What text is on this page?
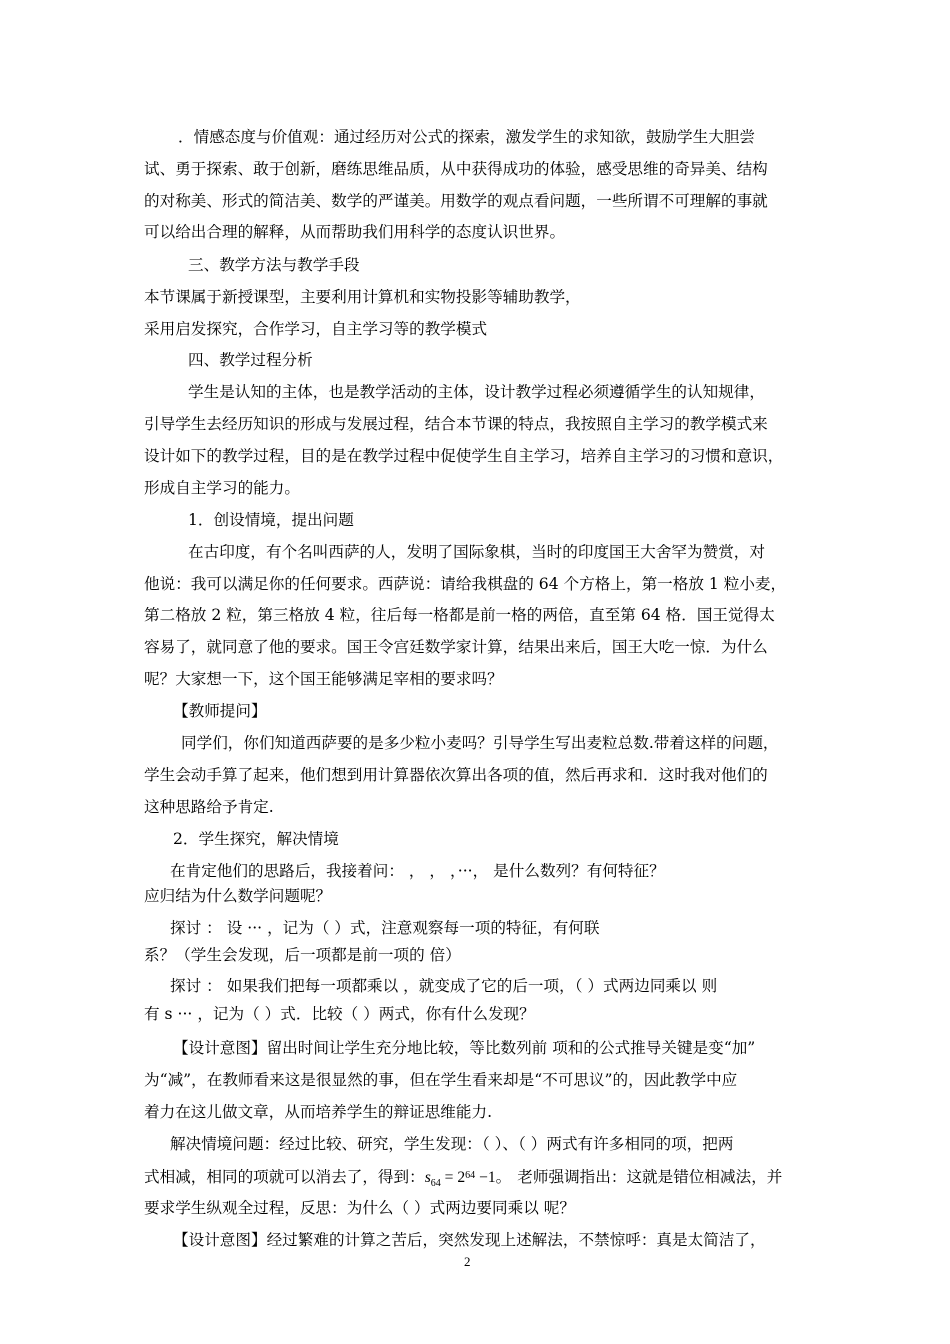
．情感态度与价值观：通过经历对公式的探索，激发学生的求知欲，鼓励学生大胆尝
试、勇于探索、敢于创新，磨练思维品质，从中获得成功的体验，感受思维的奇异美、结构
的对称美、形式的简洁美、数学的严谨美。用数学的观点看问题，一些所谓不可理解的事就
可以给出合理的解释，从而帮助我们用科学的态度认识世界。
三、教学方法与教学手段
本节课属于新授课型，主要利用计算机和实物投影等辅助教学，
采用启发探究，合作学习，自主学习等的教学模式
四、教学过程分析
学生是认知的主体，也是教学活动的主体，设计教学过程必须遵循学生的认知规律，
引导学生去经历知识的形成与发展过程，结合本节课的特点，我按照自主学习的教学模式来
设计如下的教学过程，目的是在教学过程中促使学生自主学习，培养自主学习的习惯和意识，
形成自主学习的能力。
1．创设情境，提出问题
在古印度，有个名叫西萨的人，发明了国际象棋，当时的印度国王大舍罕为赞赏，对
他说：我可以满足你的任何要求。西萨说：请给我棋盘的 64 个方格上，第一格放 1 粒小麦，
第二格放 2 粒，第三格放 4 粒，往后每一格都是前一格的两倍，直至第 64 格．国王觉得太
容易了，就同意了他的要求。国王令宫廷数学家计算，结果出来后，国王大吃一惊．为什么
呢？大家想一下，这个国王能够满足宰相的要求吗？
【教师提问】
同学们，你们知道西萨要的是多少粒小麦吗？引导学生写出麦粒总数.带着这样的问题，
学生会动手算了起来，他们想到用计算器依次算出各项的值，然后再求和．这时我对他们的
这种思路给予肯定.
2．学生探究，解决情境
在肯定他们的思路后，我接着问： ， ， ，···， 是什么数列？有何特征？
应归结为什么数学问题呢？
探讨 ： 设 ··· ，记为（ ）式，注意观察每一项的特征，有何联
系？（学生会发现，后一项都是前一项的 倍）
探讨 ： 如果我们把每一项都乘以 ，就变成了它的后一项，（ ）式两边同乘以 则
有 s ··· ，记为（ ）式．比较（ ）两式，你有什么发现？
【设计意图】留出时间让学生充分地比较，等比数列前 项和的公式推导关键是变“加”
为“减”，在教师看来这是很显然的事，但在学生看来却是“不可思议”的，因此教学中应
着力在这儿做文章，从而培养学生的辩证思维能力.
解决情境问题：经过比较、研究，学生发现：（ ）、（ ）两式有许多相同的项，把两
式相减，相同的项就可以消去了，得到：$s_{64} = 2^{64} -1$。 老师强调指出：这就是错位相减法，并
要求学生纵观全过程，反思：为什么（ ）式两边要同乘以 呢？
【设计意图】经过繁难的计算之苦后，突然发现上述解法，不禁惊呼：真是太简洁了，
2
